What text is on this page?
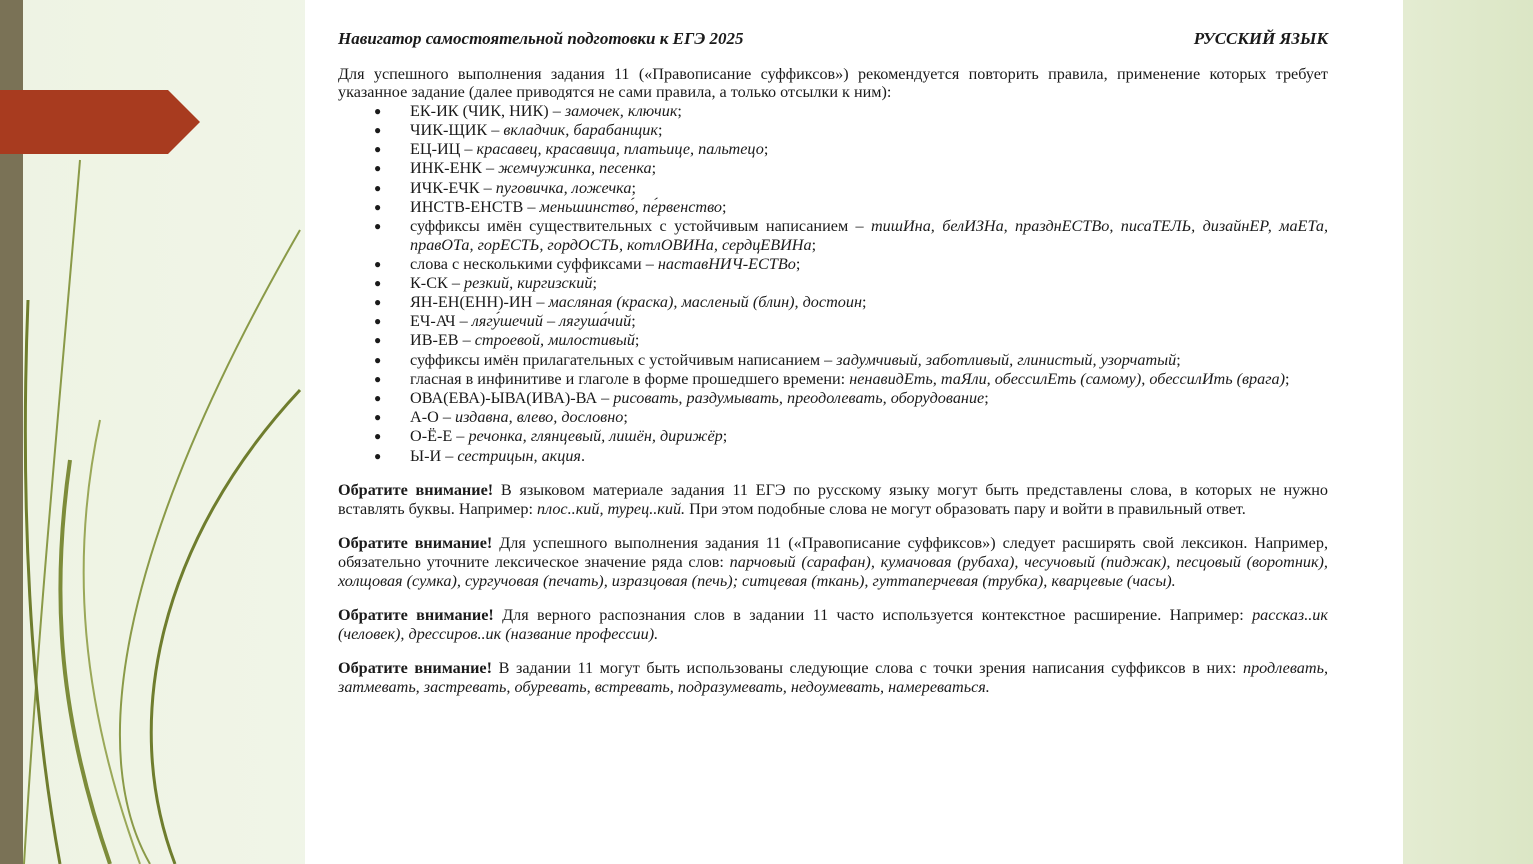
Навигатор самостоятельной подготовки к ЕГЭ 2025	РУССКИЙ ЯЗЫК

Для успешного выполнения задания 11 («Правописание суффиксов») рекомендуется повторить правила, применение которых требует указанное задание (далее приводятся не сами правила, а только отсылки к ним):

● ЕК-ИК (ЧИК, НИК) – замочек, ключик;
● ЧИК-ЩИК – вкладчик, барабанщик;
● ЕЦ-ИЦ – красавец, красавица, платьице, пальтецо;
● ИНК-ЕНК – жемчужинка, песенка;
● ИЧК-ЕЧК – пуговичка, ложечка;
● ИНСТВ-ЕНСТВ – меньшинство́, пе́рвенство;
● суффиксы имён существительных с устойчивым написанием – тишИна, белИЗНа, празднЕСТВо, писаТЕЛЬ, дизайнЕР, маЕТа, правОТа, горЕСТЬ, гордОСТЬ, котлОВИНа, сердцЕВИНа;
● слова с несколькими суффиксами – наставНИЧ-ЕСТВо;
● К-СК – резкий, киргизский;
● ЯН-ЕН(ЕНН)-ИН – масляная (краска), масленый (блин), достоин;
● ЕЧ-АЧ – лягу́шечий – лягуша́чий;
● ИВ-ЕВ – строевой, милостивый;
● суффиксы имён прилагательных с устойчивым написанием – задумчивый, заботливый, глинистый, узорчатый;
● гласная в инфинитиве и глаголе в форме прошедшего времени: ненавидЕть, таЯли, обессилЕть (самому), обессилИть (врага);
● ОВА(ЕВА)-ЫВА(ИВА)-ВА – рисовать, раздумывать, преодолевать, оборудование;
● А-О – издавна, влево, дословно;
● О-Ё-Е – речонка, глянцевый, лишён, дирижёр;
● Ы-И – сестрицын, акция.

Обратите внимание! В языковом материале задания 11 ЕГЭ по русскому языку могут быть представлены слова, в которых не нужно вставлять буквы. Например: плос..кий, турец..кий. При этом подобные слова не могут образовать пару и войти в правильный ответ.

Обратите внимание! Для успешного выполнения задания 11 («Правописание суффиксов») следует расширять свой лексикон. Например, обязательно уточните лексическое значение ряда слов: парчовый (сарафан), кумачовая (рубаха), чесучовый (пиджак), песцовый (воротник), холщовая (сумка), сургучовая (печать), изразцовая (печь); ситцевая (ткань), гуттаперчевая (трубка), кварцевые (часы).

Обратите внимание! Для верного распознания слов в задании 11 часто используется контекстное расширение. Например: рассказ..ик (человек), дрессиров..ик (название профессии).

Обратите внимание! В задании 11 могут быть использованы следующие слова с точки зрения написания суффиксов в них: продлевать, затмевать, застревать, обуревать, встревать, подразумевать, недоумевать, намереваться.
